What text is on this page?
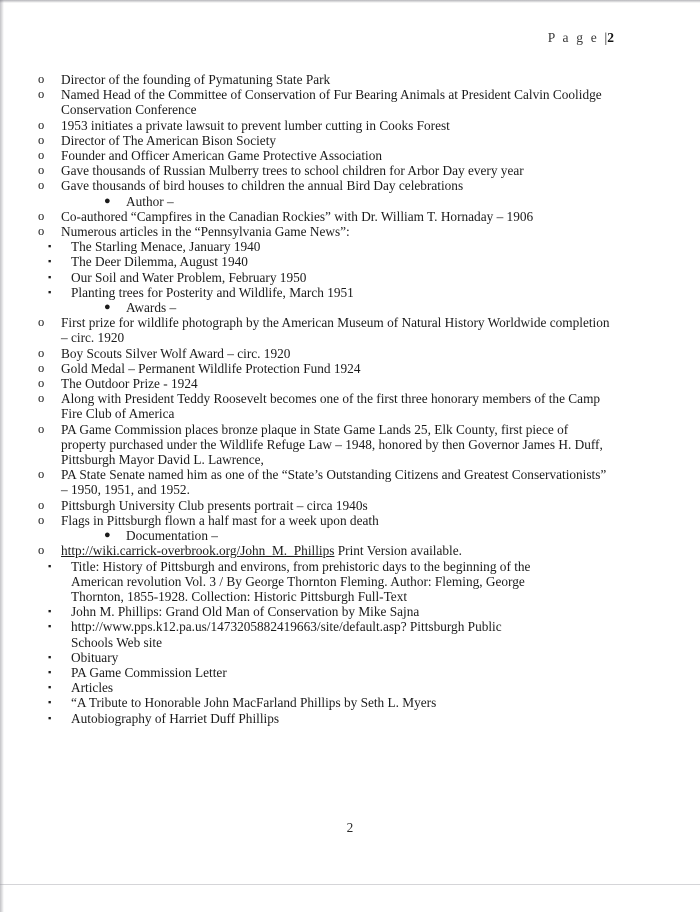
P a g e |2
o	Director of the founding of Pymatuning State Park
o	Named Head of the Committee of Conservation of Fur Bearing Animals at President Calvin Coolidge Conservation Conference
o	1953 initiates a private lawsuit to prevent lumber cutting in Cooks Forest
o	Director of The American Bison Society
o	Founder and Officer American Game Protective Association
o	Gave thousands of Russian Mulberry trees to school children for Arbor Day every year
o	Gave thousands of bird houses to children the annual Bird Day celebrations
●	Author –
o	Co-authored “Campfires in the Canadian Rockies” with Dr. William T. Hornaday – 1906
o	Numerous articles in the “Pennsylvania Game News”:
▪	The Starling Menace, January 1940
▪	The Deer Dilemma, August 1940
▪	Our Soil and Water Problem, February 1950
▪	Planting trees for Posterity and Wildlife, March 1951
●	Awards –
o	First prize for wildlife photograph by the American Museum of Natural History Worldwide completion – circ. 1920
o	Boy Scouts Silver Wolf Award – circ. 1920
o	Gold Medal – Permanent Wildlife Protection Fund 1924
o	The Outdoor Prize - 1924
o	Along with President Teddy Roosevelt becomes one of the first three honorary members of the Camp Fire Club of America
o	PA Game Commission places bronze plaque in State Game Lands 25, Elk County, first piece of property purchased under the Wildlife Refuge Law – 1948, honored by then Governor James H. Duff, Pittsburgh Mayor David L. Lawrence,
o	PA State Senate named him as one of the “State’s Outstanding Citizens and Greatest Conservationists” – 1950, 1951, and 1952.
o	Pittsburgh University Club presents portrait – circa 1940s
o	Flags in Pittsburgh flown a half mast for a week upon death
●	Documentation –
o	http://wiki.carrick-overbrook.org/John_M._Phillips Print Version available.
▪	Title: History of Pittsburgh and environs, from prehistoric days to the beginning of the American revolution Vol. 3 / By George Thornton Fleming. Author: Fleming, George Thornton, 1855-1928. Collection: Historic Pittsburgh Full-Text
▪	John M. Phillips: Grand Old Man of Conservation by Mike Sajna
▪	http://www.pps.k12.pa.us/1473205882419663/site/default.asp? Pittsburgh Public Schools Web site
▪	Obituary
▪	PA Game Commission Letter
▪	Articles
▪	“A Tribute to Honorable John MacFarland Phillips by Seth L. Myers
▪	Autobiography of Harriet Duff Phillips
2
